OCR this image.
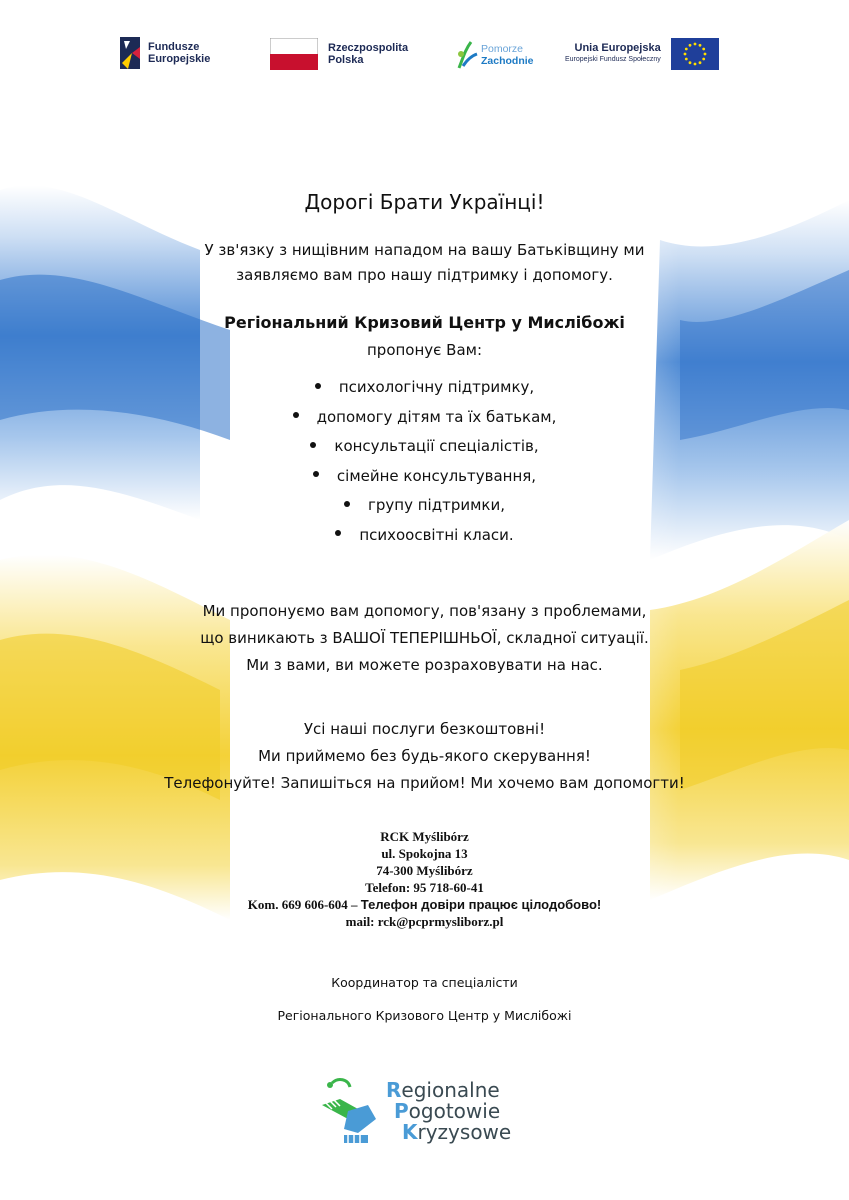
Fundusze
Europejskie
Rzeczpospolita
Polska
Pomorze
Zachodnie
Unia Europejska
Europejski Fundusz Społeczny
Дорогі Брати Українці!
У зв'язку з нищівним нападом на вашу Батьківщину ми
заявляємо вам про нашу підтримку і допомогу.
Регіональний Кризовий Центр у Мислібожі
пропонує Вам:
психологічну підтримку,
допомогу дітям та їх батькам,
консультації спеціалістів,
сімейне консультування,
групу підтримки,
психоосвітні класи.
Ми пропонуємо вам допомогу, пов'язану з проблемами,
що виникають з ВАШОЇ ТЕПЕРІШНЬОЇ, складної ситуації.
Ми з вами, ви можете розраховувати на нас.
Усі наші послуги безкоштовні!
Ми приймемо без будь-якого скерування!
Телефонуйте! Запишіться на прийом! Ми хочемо вам допомогти!
RCK Myślibórz
ul. Spokojna 13
74-300 Myślibórz
Telefon: 95 718-60-41
Kom. 669 606-604 – Телефон довіри працює цілодобово!
mail: rck@pcprmysliborz.pl
Координатор та спеціалісти
Регіонального Кризового Центр у Мислібожі
Regionalne
Pogotowie
Kryzysowe
